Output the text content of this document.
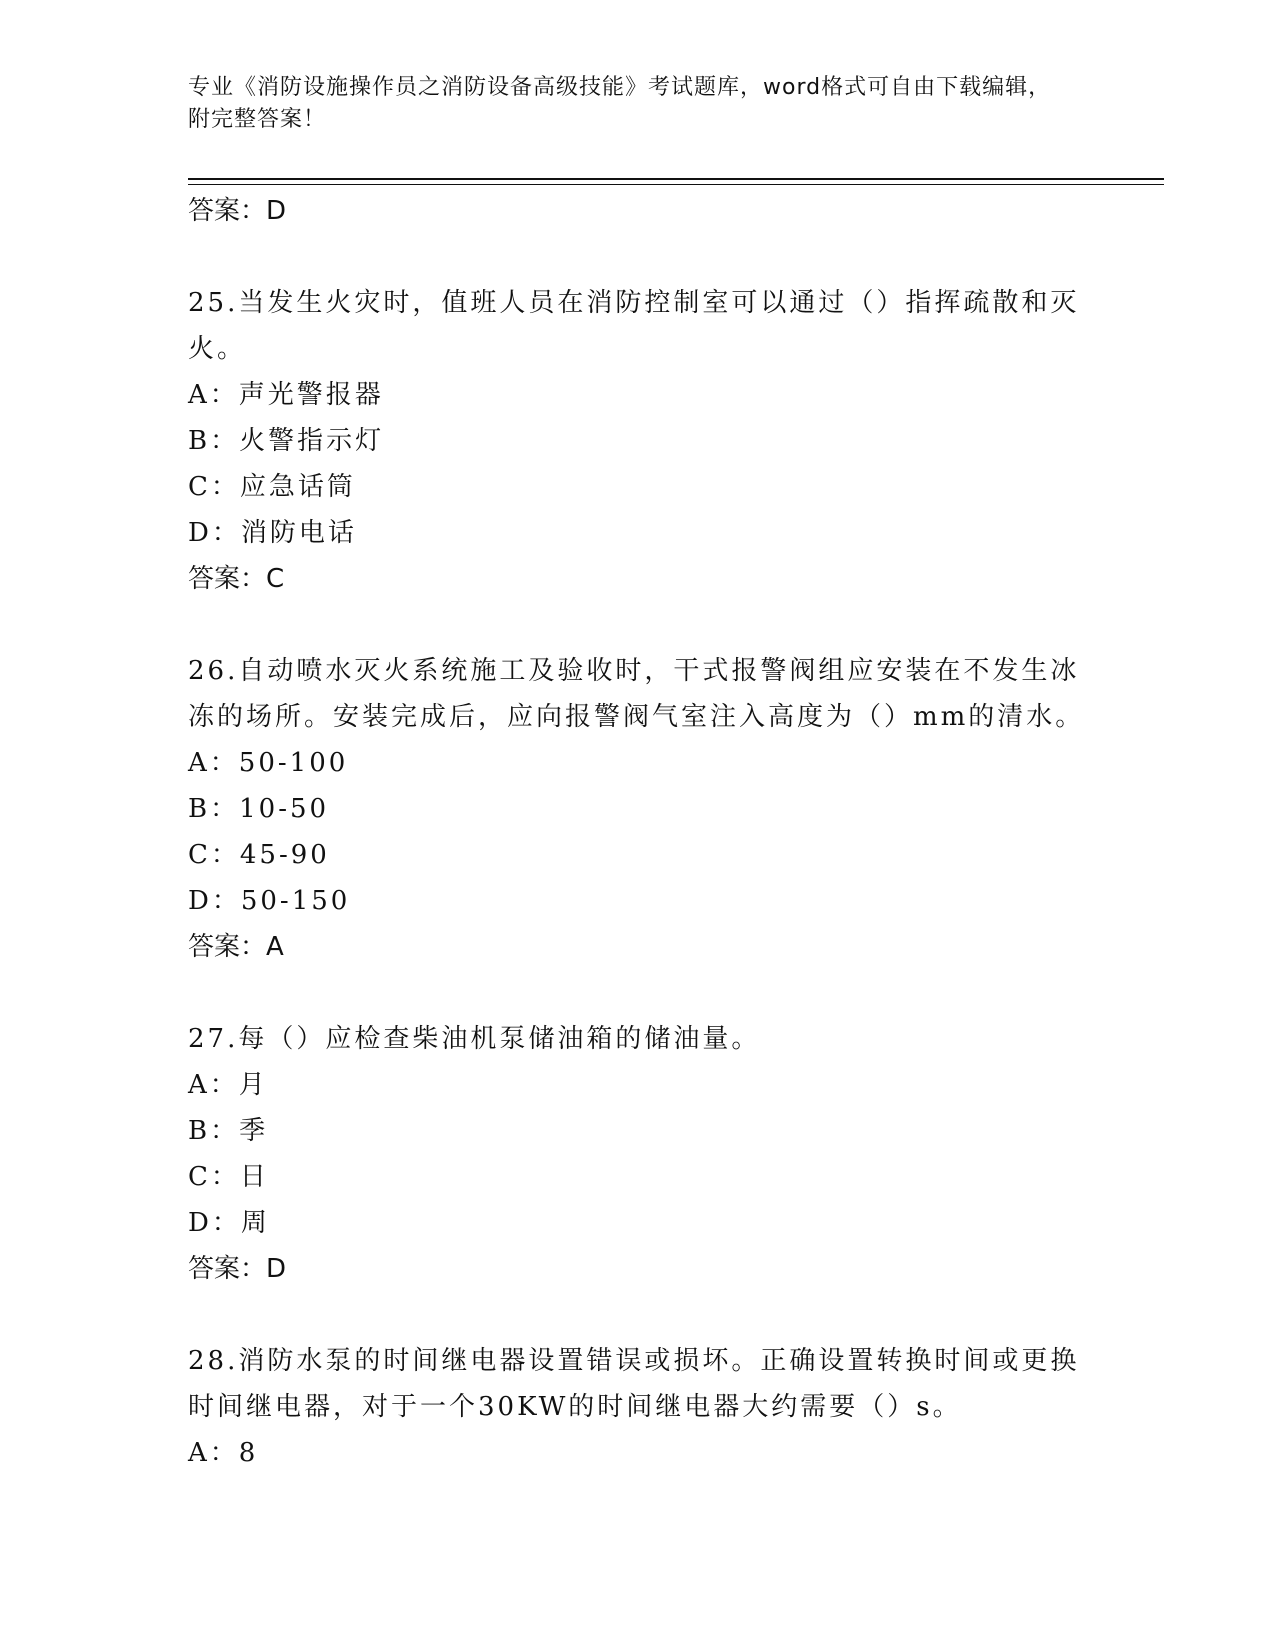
专业《消防设施操作员之消防设备高级技能》考试题库，word格式可自由下载编辑，附完整答案！
答案：D
25.当发生火灾时，值班人员在消防控制室可以通过（）指挥疏散和灭火。
A：声光警报器
B：火警指示灯
C：应急话筒
D：消防电话
答案：C
26.自动喷水灭火系统施工及验收时，干式报警阀组应安装在不发生冰冻的场所。安装完成后，应向报警阀气室注入高度为（）mm的清水。
A：50-100
B：10-50
C：45-90
D：50-150
答案：A
27.每（）应检查柴油机泵储油箱的储油量。
A：月
B：季
C：日
D：周
答案：D
28.消防水泵的时间继电器设置错误或损坏。正确设置转换时间或更换时间继电器，对于一个30KW的时间继电器大约需要（）s。
A：8
